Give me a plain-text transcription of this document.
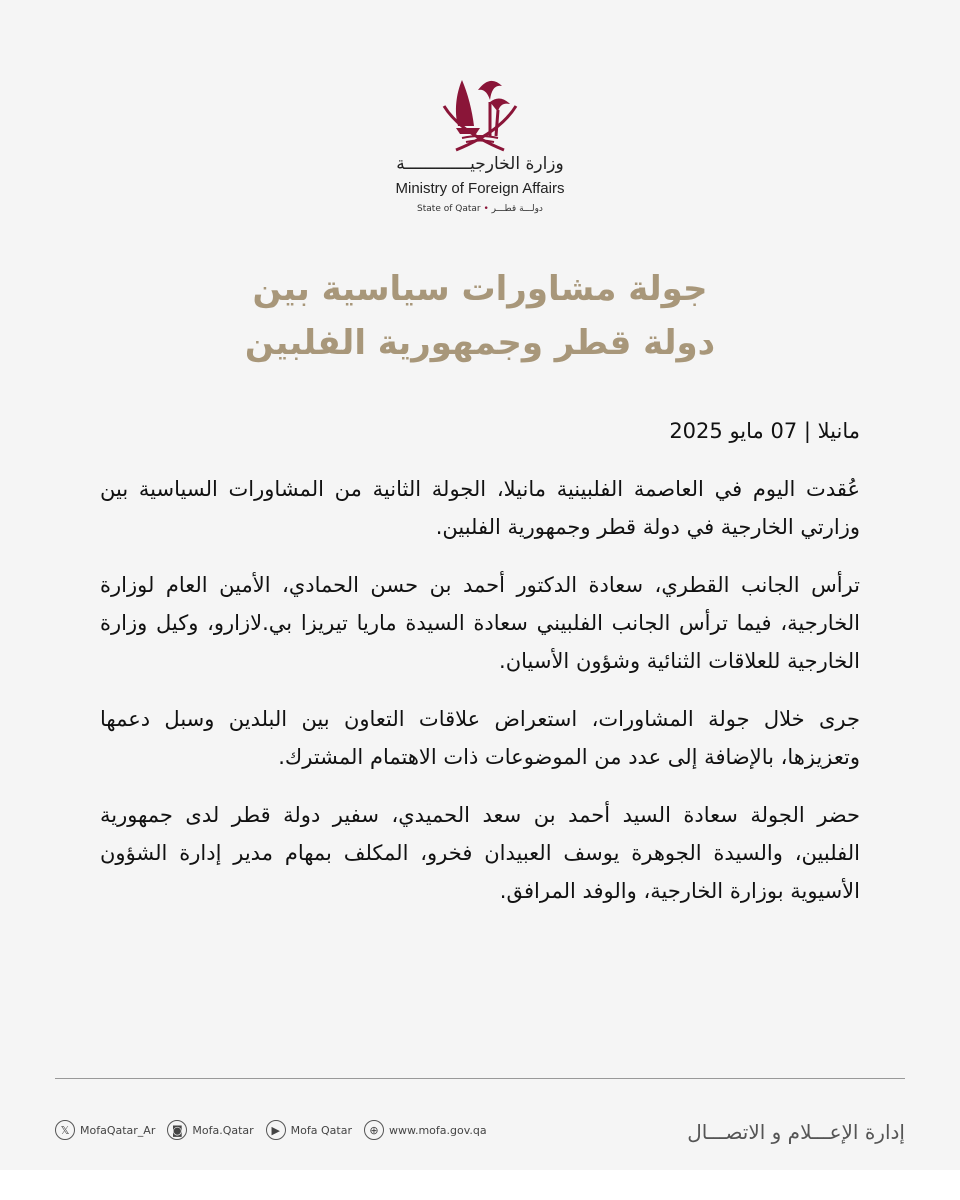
وزارة الخارجيـــــــــــــة
Ministry of Foreign Affairs
State of Qatar • دولـــة قطـــر
جولة مشاورات سياسية بين
دولة قطر وجمهورية الفلبين

مانيلا | 07 مايو 2025

عُقدت اليوم في العاصمة الفلبينية مانيلا، الجولة الثانية من المشاورات السياسية بين وزارتي الخارجية في دولة قطر وجمهورية الفلبين.

ترأس الجانب القطري، سعادة الدكتور أحمد بن حسن الحمادي، الأمين العام لوزارة الخارجية، فيما ترأس الجانب الفلبيني سعادة السيدة ماريا تيريزا بي.لازارو، وكيل وزارة الخارجية للعلاقات الثنائية وشؤون الأسيان.

جرى خلال جولة المشاورات، استعراض علاقات التعاون بين البلدين وسبل دعمها وتعزيزها، بالإضافة إلى عدد من الموضوعات ذات الاهتمام المشترك.

حضر الجولة سعادة السيد أحمد بن سعد الحميدي، سفير دولة قطر لدى جمهورية الفلبين، والسيدة الجوهرة يوسف العبيدان فخرو، المكلف بمهام مدير إدارة الشؤون الأسيوية بوزارة الخارجية، والوفد المرافق.

𝕏 MofaQatar_Ar	◙ Mofa.Qatar	▶ Mofa Qatar	⊕ www.mofa.gov.qa	إدارة الإعـــلام و الاتصـــال
